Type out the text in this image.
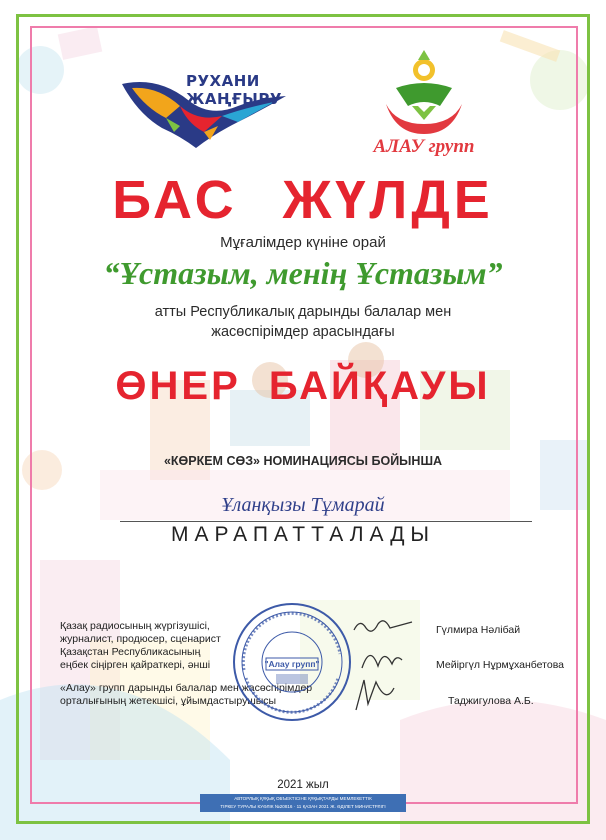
РУХАНИ
ЖАҢҒЫРУ
АЛАУ групп
БАС ЖҮЛДЕ
Мұғалімдер күніне орай
“Ұстазым, менің Ұстазым”
атты Республикалық дарынды балалар мен
жасөспірімдер арасындағы
ӨНЕР БАЙҚАУЫ
«КӨРКЕМ СӨЗ» НОМИНАЦИЯСЫ БОЙЫНША
Ұланқызы Тұмарай
МАРАПАТТАЛАДЫ
Қазақ радиосының жүргізушісі,
журналист, продюсер, сценарист
Қазақстан Республикасының
еңбек сіңірген қайраткері, әнші
«Алау» групп дарынды балалар мен жасөспірімдер
орталығының жетекшісі, ұйымдастырушысы
Гүлмира Нәлібай
Мейіргүл Нұрмұханбетова
Таджигулова А.Б.
"Алау групп"
2021 жыл
АВТОРЛЫҚ ҚҰҚЫҚ ОБЪЕКТІСІНЕ ҚҰҚЫҚТАРДЫ МЕМЛЕКЕТТІК
ТІРКЕУ ТУРАЛЫ КУӘЛІК №20816 · 11 ҚАЗАН 2021 Ж. ӘДІЛЕТ МИНИСТРЛІГІ
